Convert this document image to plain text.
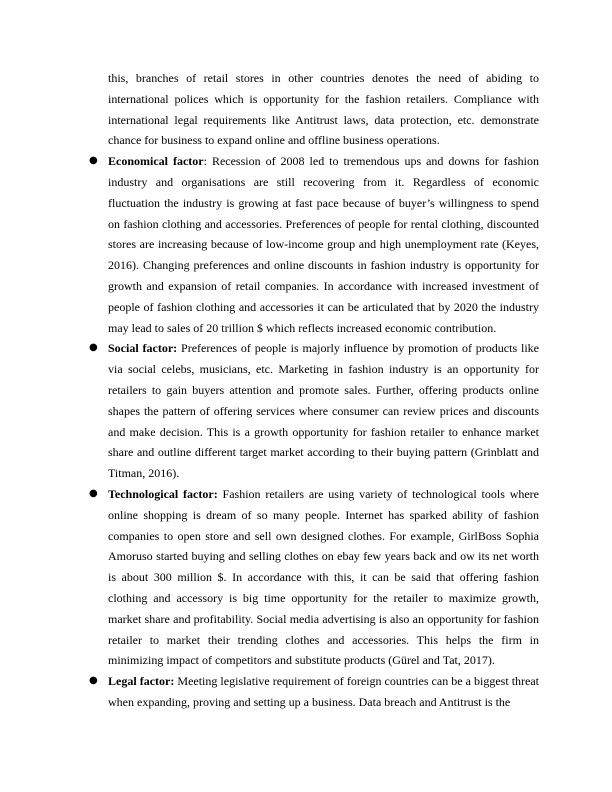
this, branches of retail stores in other countries denotes the need of abiding to international polices which is opportunity for the fashion retailers. Compliance with international legal requirements like Antitrust laws, data protection, etc. demonstrate chance for business to expand online and offline business operations.

● Economical factor: Recession of 2008 led to tremendous ups and downs for fashion industry and organisations are still recovering from it. Regardless of economic fluctuation the industry is growing at fast pace because of buyer’s willingness to spend on fashion clothing and accessories. Preferences of people for rental clothing, discounted stores are increasing because of low-income group and high unemployment rate (Keyes, 2016). Changing preferences and online discounts in fashion industry is opportunity for growth and expansion of retail companies. In accordance with increased investment of people of fashion clothing and accessories it can be articulated that by 2020 the industry may lead to sales of 20 trillion $ which reflects increased economic contribution.
● Social factor: Preferences of people is majorly influence by promotion of products like via social celebs, musicians, etc. Marketing in fashion industry is an opportunity for retailers to gain buyers attention and promote sales. Further, offering products online shapes the pattern of offering services where consumer can review prices and discounts and make decision. This is a growth opportunity for fashion retailer to enhance market share and outline different target market according to their buying pattern (Grinblatt and Titman, 2016).
● Technological factor: Fashion retailers are using variety of technological tools where online shopping is dream of so many people. Internet has sparked ability of fashion companies to open store and sell own designed clothes. For example, GirlBoss Sophia Amoruso started buying and selling clothes on ebay few years back and ow its net worth is about 300 million $. In accordance with this, it can be said that offering fashion clothing and accessory is big time opportunity for the retailer to maximize growth, market share and profitability. Social media advertising is also an opportunity for fashion retailer to market their trending clothes and accessories. This helps the firm in minimizing impact of competitors and substitute products (Gürel and Tat, 2017).
● Legal factor: Meeting legislative requirement of foreign countries can be a biggest threat when expanding, proving and setting up a business. Data breach and Antitrust is the
